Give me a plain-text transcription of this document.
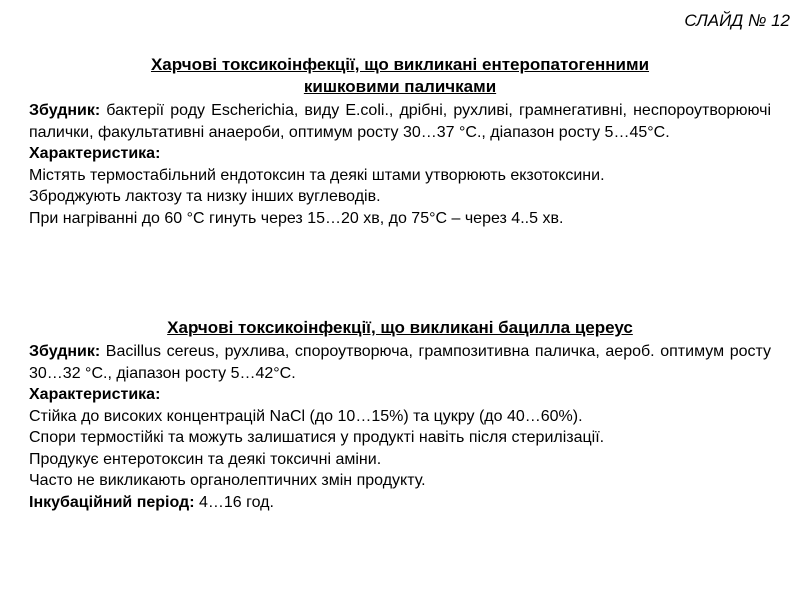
СЛАЙД № 12
Харчові токсикоінфекції, що викликані ентеропатогенними
кишковими паличками

Збудник: бактерії роду Escherichia, виду E.coli., дрібні, рухливі, грамнегативні, неспороутворюючі палички, факультативні анаероби, оптимум росту 30…37 °С., діапазон росту 5…45°С.

Характеристика:

Містять термостабільний ендотоксин та деякі штами утворюють екзотоксини.

Зброджують лактозу та низку інших вуглеводів.

При нагріванні до 60 °С гинуть через 15…20 хв, до 75°С – через 4..5 хв.

Харчові токсикоінфекції, що викликані бацилла цереус

Збудник: Bacillus cereus, рухлива, спороутворюча, грампозитивна паличка, аероб. оптимум росту 30…32 °С., діапазон росту 5…42°С.

Характеристика:

Стійка до високих концентрацій NaCl (до 10…15%) та цукру (до 40…60%).

Спори термостійкі та можуть залишатися у продукті навіть після стерилізації.

Продукує ентеротоксин та деякі токсичні аміни.

Часто не викликають органолептичних змін продукту.

Інкубаційний період: 4…16 год.
